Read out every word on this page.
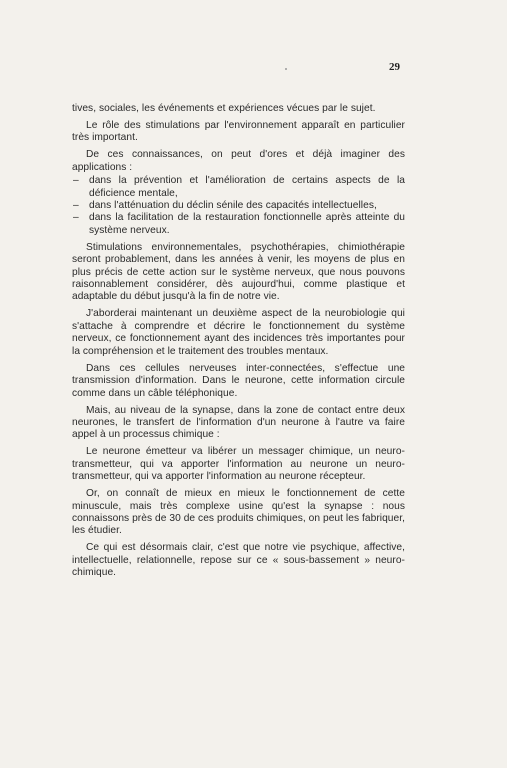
29

tives, sociales, les événements et expériences vécues par le sujet.

Le rôle des stimulations par l'environnement apparaît en particulier très important.

De ces connaissances, on peut d'ores et déjà imaginer des applications :

– dans la prévention et l'amélioration de certains aspects de la déficience mentale,
– dans l'atténuation du déclin sénile des capacités intellectuelles,
– dans la facilitation de la restauration fonctionnelle après atteinte du système nerveux.

Stimulations environnementales, psychothérapies, chimiothérapie seront probablement, dans les années à venir, les moyens de plus en plus précis de cette action sur le système nerveux, que nous pouvons raisonnablement considérer, dès aujourd'hui, comme plastique et adaptable du début jusqu'à la fin de notre vie.

J'aborderai maintenant un deuxième aspect de la neurobiologie qui s'attache à comprendre et décrire le fonctionnement du système nerveux, ce fonctionnement ayant des incidences très importantes pour la compréhension et le traitement des troubles mentaux.

Dans ces cellules nerveuses inter-connectées, s'effectue une transmission d'information. Dans le neurone, cette information circule comme dans un câble téléphonique.

Mais, au niveau de la synapse, dans la zone de contact entre deux neurones, le transfert de l'information d'un neurone à l'autre va faire appel à un processus chimique :

Le neurone émetteur va libérer un messager chimique, un neuro-transmetteur, qui va apporter l'information au neurone un neuro-transmetteur, qui va apporter l'information au neurone récepteur.

Or, on connaît de mieux en mieux le fonctionnement de cette minuscule, mais très complexe usine qu'est la synapse : nous connaissons près de 30 de ces produits chimiques, on peut les fabriquer, les étudier.

Ce qui est désormais clair, c'est que notre vie psychique, affective, intellectuelle, relationnelle, repose sur ce « sous-bassement » neuro-chimique.
